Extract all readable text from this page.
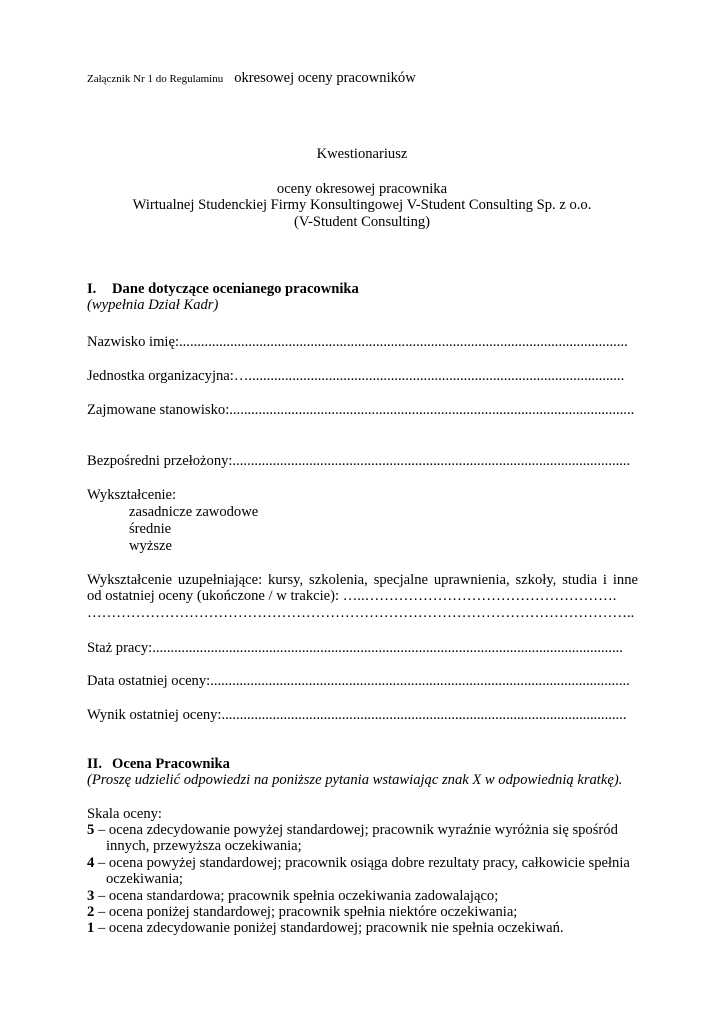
Załącznik Nr 1 do Regulaminu okresowej oceny pracowników
Kwestionariusz
oceny okresowej pracownika
Wirtualnej Studenckiej Firmy Konsultingowej V-Student Consulting Sp. z o.o.
(V-Student Consulting)
I. Dane dotyczące ocenianego pracownika
(wypełnia Dział Kadr)
Nazwisko imię:...........................................................................................................................
Jednostka organizacyjna:….......................................................................................................
Zajmowane stanowisko:...............................................................................................................
Bezpośredni przełożony:.............................................................................................................
Wykształcenie:
zasadnicze zawodowe
średnie
wyższe
Wykształcenie uzupełniające: kursy, szkolenia, specjalne uprawnienia, szkoły, studia i inne
od ostatniej oceny (ukończone / w trakcie): …..…………………………………………….
…………………………………………………………………………………………………..
Staż pracy:.................................................................................................................................
Data ostatniej oceny:...................................................................................................................
Wynik ostatniej oceny:...............................................................................................................
II. Ocena Pracownika
(Proszę udzielić odpowiedzi na poniższe pytania wstawiając znak X w odpowiednią kratkę).
Skala oceny:
5 – ocena zdecydowanie powyżej standardowej; pracownik wyraźnie wyróżnia się spośród
innych, przewyższa oczekiwania;
4 – ocena powyżej standardowej; pracownik osiąga dobre rezultaty pracy, całkowicie spełnia
oczekiwania;
3 – ocena standardowa; pracownik spełnia oczekiwania zadowalająco;
2 – ocena poniżej standardowej; pracownik spełnia niektóre oczekiwania;
1 – ocena zdecydowanie poniżej standardowej; pracownik nie spełnia oczekiwań.
